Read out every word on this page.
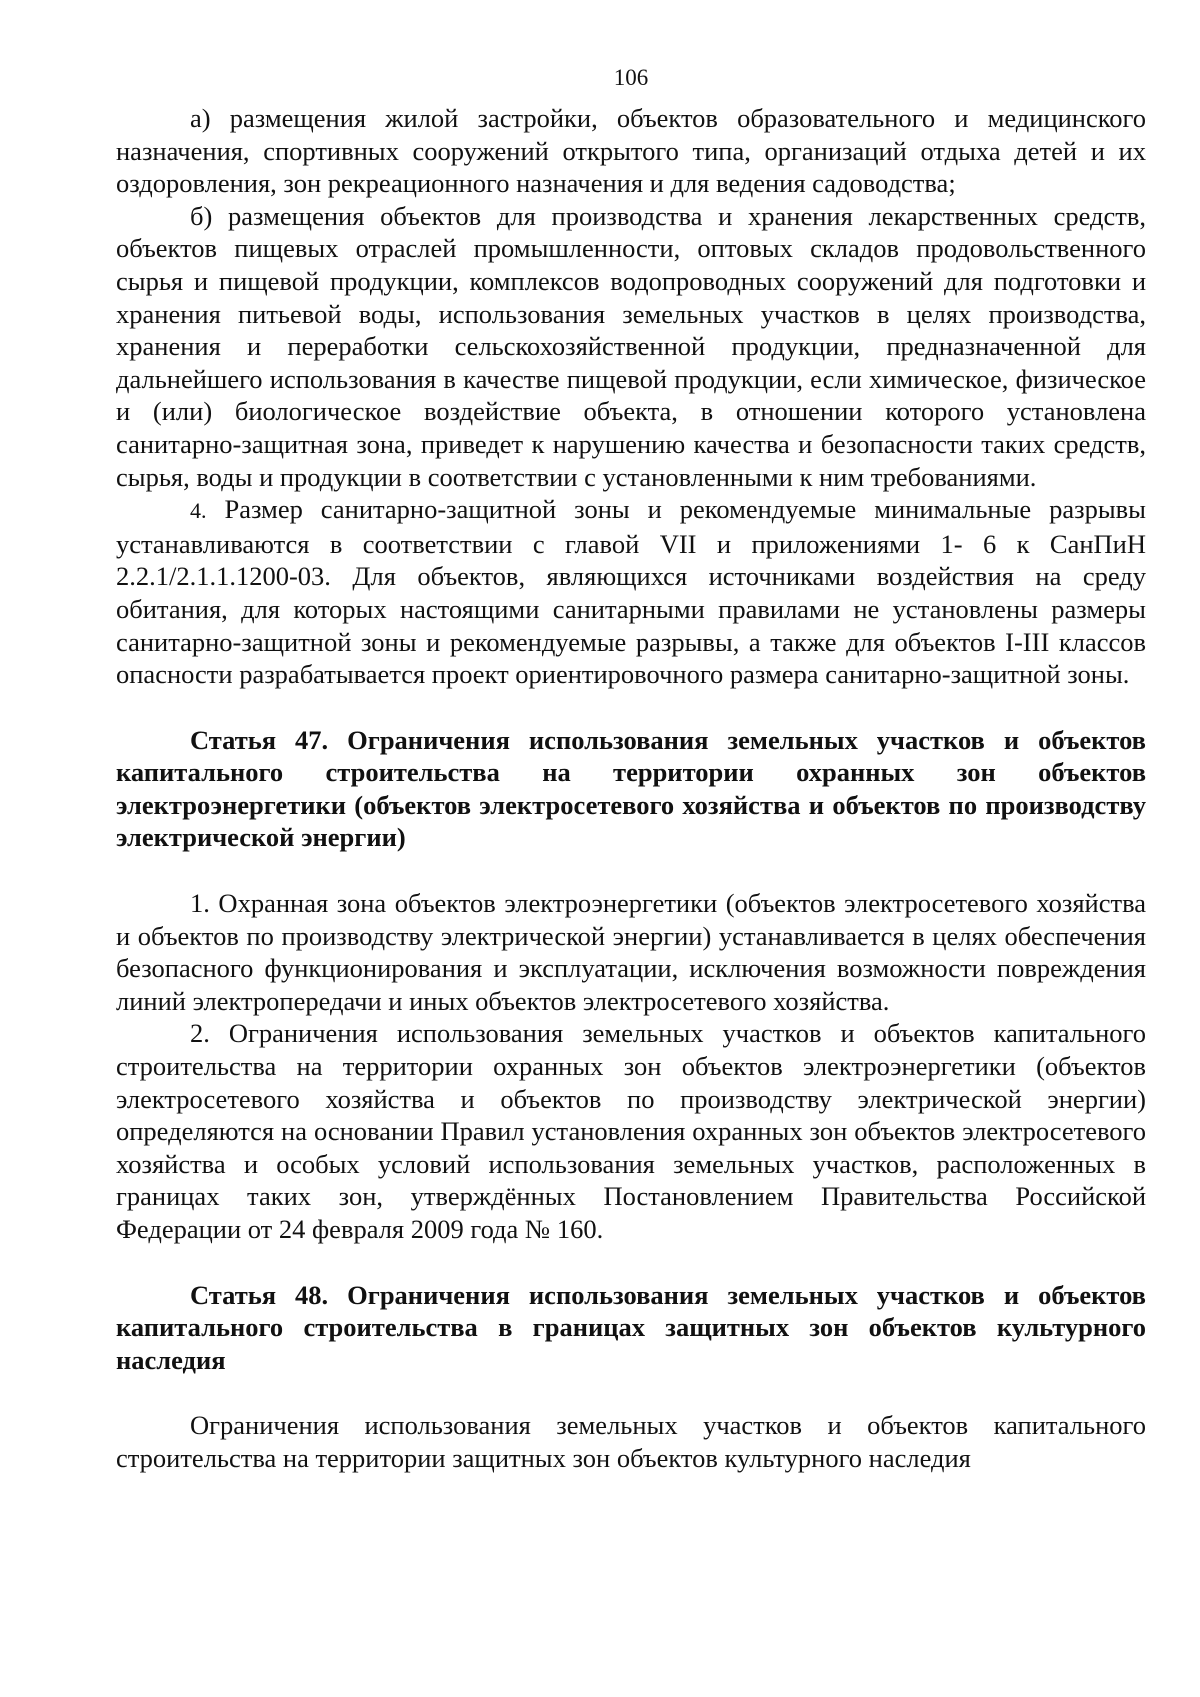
106

а) размещения жилой застройки, объектов образовательного и медицинского назначения, спортивных сооружений открытого типа, организаций отдыха детей и их оздоровления, зон рекреационного назначения и для ведения садоводства;

б) размещения объектов для производства и хранения лекарственных средств, объектов пищевых отраслей промышленности, оптовых складов продовольственного сырья и пищевой продукции, комплексов водопроводных сооружений для подготовки и хранения питьевой воды, использования земельных участков в целях производства, хранения и переработки сельскохозяйственной продукции, предназначенной для дальнейшего использования в качестве пищевой продукции, если химическое, физическое и (или) биологическое воздействие объекта, в отношении которого установлена санитарно-защитная зона, приведет к нарушению качества и безопасности таких средств, сырья, воды и продукции в соответствии с установленными к ним требованиями.

4. Размер санитарно-защитной зоны и рекомендуемые минимальные разрывы устанавливаются в соответствии с главой VII и приложениями 1- 6 к СанПиН 2.2.1/2.1.1.1200-03. Для объектов, являющихся источниками воздействия на среду обитания, для которых настоящими санитарными правилами не установлены размеры санитарно-защитной зоны и рекомендуемые разрывы, а также для объектов I-III классов опасности разрабатывается проект ориентировочного размера санитарно-защитной зоны.

Статья 47. Ограничения использования земельных участков и объектов капитального строительства на территории охранных зон объектов электроэнергетики (объектов электросетевого хозяйства и объектов по производству электрической энергии)

1. Охранная зона объектов электроэнергетики (объектов электросетевого хозяйства и объектов по производству электрической энергии) устанавливается в целях обеспечения безопасного функционирования и эксплуатации, исключения возможности повреждения линий электропередачи и иных объектов электросетевого хозяйства.

2. Ограничения использования земельных участков и объектов капитального строительства на территории охранных зон объектов электроэнергетики (объектов электросетевого хозяйства и объектов по производству электрической энергии) определяются на основании Правил установления охранных зон объектов электросетевого хозяйства и особых условий использования земельных участков, расположенных в границах таких зон, утверждённых Постановлением Правительства Российской Федерации от 24 февраля 2009 года № 160.

Статья 48. Ограничения использования земельных участков и объектов капитального строительства в границах защитных зон объектов культурного наследия

Ограничения использования земельных участков и объектов капитального строительства на территории защитных зон объектов культурного наследия
